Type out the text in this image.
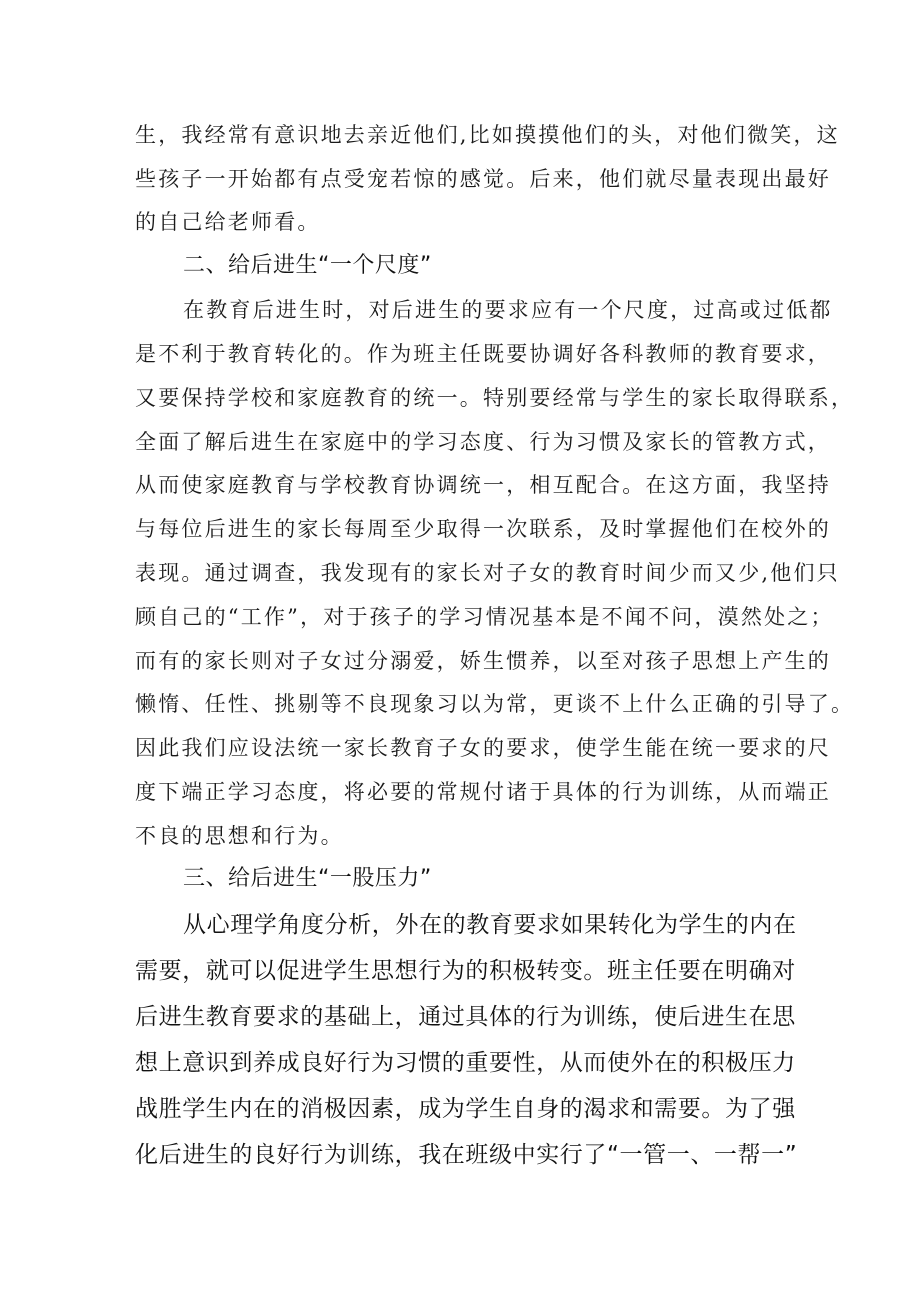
生，我经常有意识地去亲近他们,比如摸摸他们的头，对他们微笑，这
些孩子一开始都有点受宠若惊的感觉。后来，他们就尽量表现出最好
的自己给老师看。
二、给后进生“一个尺度”
在教育后进生时，对后进生的要求应有一个尺度，过高或过低都
是不利于教育转化的。作为班主任既要协调好各科教师的教育要求，
又要保持学校和家庭教育的统一。特别要经常与学生的家长取得联系，
全面了解后进生在家庭中的学习态度、行为习惯及家长的管教方式，
从而使家庭教育与学校教育协调统一，相互配合。在这方面，我坚持
与每位后进生的家长每周至少取得一次联系，及时掌握他们在校外的
表现。通过调查，我发现有的家长对子女的教育时间少而又少,他们只
顾自己的“工作”，对于孩子的学习情况基本是不闻不问，漠然处之；
而有的家长则对子女过分溺爱，娇生惯养，以至对孩子思想上产生的
懒惰、任性、挑剔等不良现象习以为常，更谈不上什么正确的引导了。
因此我们应设法统一家长教育子女的要求，使学生能在统一要求的尺
度下端正学习态度，将必要的常规付诸于具体的行为训练，从而端正
不良的思想和行为。
三、给后进生“一股压力”
从心理学角度分析，外在的教育要求如果转化为学生的内在
需要，就可以促进学生思想行为的积极转变。班主任要在明确对
后进生教育要求的基础上，通过具体的行为训练，使后进生在思
想上意识到养成良好行为习惯的重要性，从而使外在的积极压力
战胜学生内在的消极因素，成为学生自身的渴求和需要。为了强
化后进生的良好行为训练，我在班级中实行了“一管一、一帮一”
